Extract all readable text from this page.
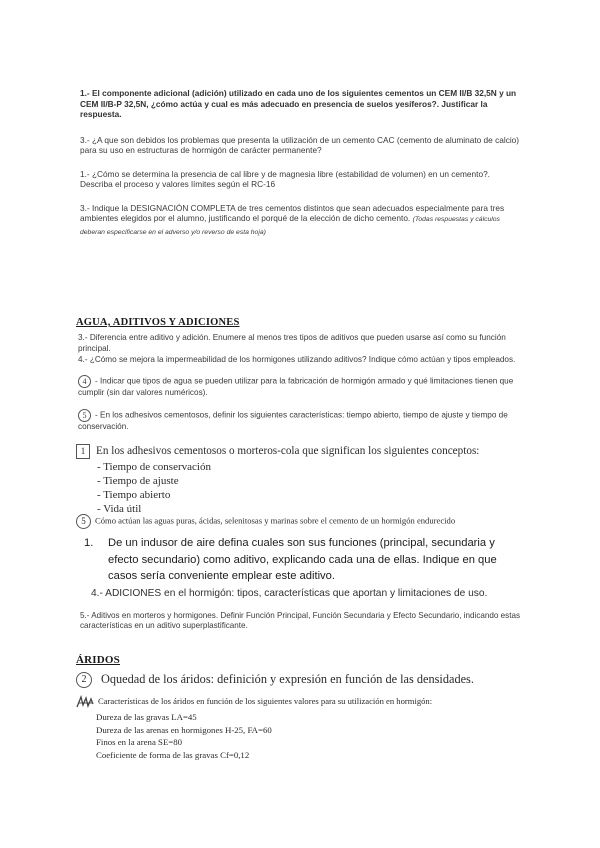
1.- El componente adicional (adición) utilizado en cada uno de los siguientes cementos un CEM II/B 32,5N y un CEM II/B-P 32,5N, ¿cómo actúa y cual es más adecuado en presencia de suelos yesíferos?. Justificar la respuesta.

3.- ¿A que son debidos los problemas que presenta la utilización de un cemento CAC (cemento de aluminato de calcio) para su uso en estructuras de hormigón de carácter permanente?

1.- ¿Cómo se determina la presencia de cal libre y de magnesia libre (estabilidad de volumen) en un cemento?. Describa el proceso y valores límites según el RC-16

3.- Indique la DESIGNACIÓN COMPLETA de tres cementos distintos que sean adecuados especialmente para tres ambientes elegidos por el alumno, justificando el porqué de la elección de dicho cemento. (Todas respuestas y cálculos deberan especificarse en el adverso y/o reverso de esta hoja)

AGUA, ADITIVOS Y ADICIONES

3.- Diferencia entre aditivo y adición. Enumere al menos tres tipos de aditivos que pueden usarse así como su función principal.

4.- ¿Cómo se mejora la impermeabilidad de los hormigones utilizando aditivos? Indique cómo actúan y tipos empleados.

4 - Indicar que tipos de agua se pueden utilizar para la fabricación de hormigón armado y qué limitaciones tienen que cumplir (sin dar valores numéricos).

5 - En los adhesivos cementosos, definir los siguientes características: tiempo abierto, tiempo de ajuste y tiempo de conservación.

1 En los adhesivos cementosos o morteros-cola que significan los siguientes conceptos:

- Tiempo de conservación
- Tiempo de ajuste
- Tiempo abierto
- Vida útil
5 Cómo actúan las aguas puras, ácidas, selenitosas y marinas sobre el cemento de un hormigón endurecido
1. De un indusor de aire defina cuales son sus funciones (principal, secundaria y efecto secundario) como aditivo, explicando cada una de ellas. Indique en que casos sería conveniente emplear este aditivo.

4.- ADICIONES en el hormigón: tipos, características que aportan y limitaciones de uso.
5.- Aditivos en morteros y hormigones. Definir Función Principal, Función Secundaria y Efecto Secundario, indicando estas características en un aditivo superplastificante.
ÁRIDOS
2 Oquedad de los áridos: definición y expresión en función de las densidades.

Características de los áridos en función de los siguientes valores para su utilización en hormigón:

Dureza de las gravas LA=45
Dureza de las arenas en hormigones H-25, FA=60
Finos en la arena SE=80
Coeficiente de forma de las gravas Cf=0,12
